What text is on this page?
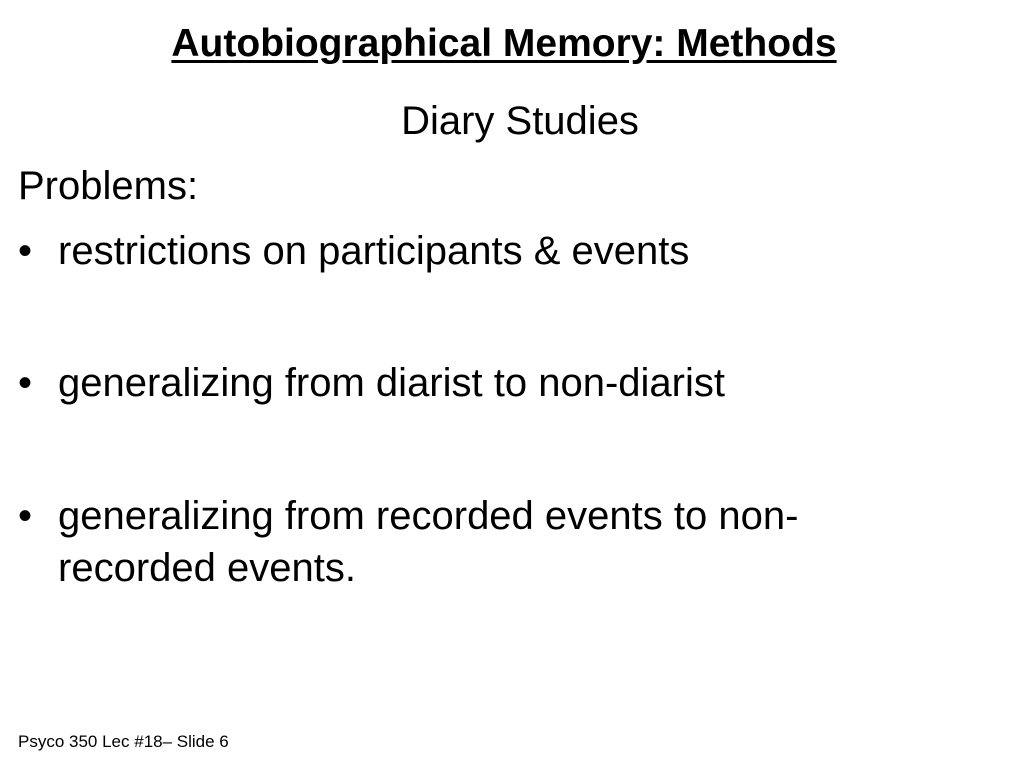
Autobiographical Memory: Methods
Diary Studies
Problems:
• restrictions on participants & events
• generalizing from diarist to non-diarist
• generalizing from recorded events to non-
recorded events.
Psyco 350 Lec #18– Slide 6
